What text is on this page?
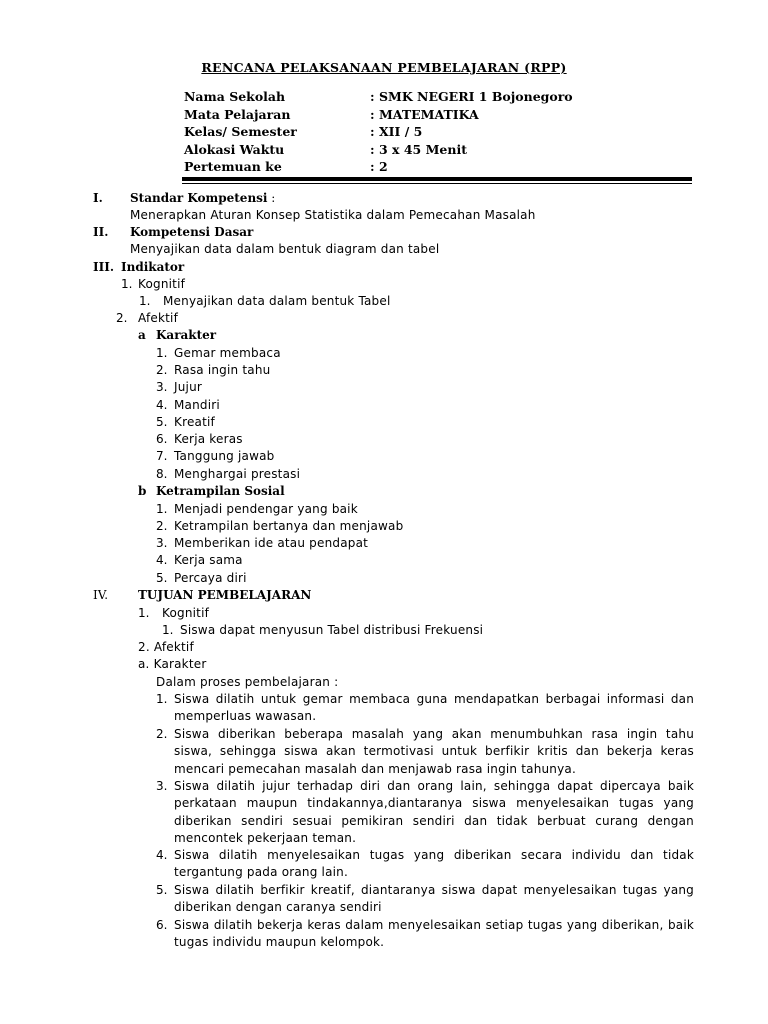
RENCANA PELAKSANAAN PEMBELAJARAN (RPP)
Nama Sekolah	: SMK NEGERI 1 Bojonegoro
Mata Pelajaran	: MATEMATIKA
Kelas/ Semester	: XII / 5
Alokasi Waktu	: 3 x 45 Menit
Pertemuan ke	: 2
I. Standar Kompetensi :
Menerapkan Aturan Konsep Statistika dalam Pemecahan Masalah
II. Kompetensi Dasar
Menyajikan data dalam bentuk diagram dan tabel
III. Indikator
1. Kognitif
1. Menyajikan data dalam bentuk Tabel
2. Afektif
a Karakter
1. Gemar membaca
2. Rasa ingin tahu
3. Jujur
4. Mandiri
5. Kreatif
6. Kerja keras
7. Tanggung jawab
8. Menghargai prestasi
b Ketrampilan Sosial
1. Menjadi pendengar yang baik
2. Ketrampilan bertanya dan menjawab
3. Memberikan ide atau pendapat
4. Kerja sama
5. Percaya diri
IV. TUJUAN PEMBELAJARAN
1. Kognitif
1. Siswa dapat menyusun Tabel distribusi Frekuensi
2. Afektif
a. Karakter
Dalam proses pembelajaran :
1. Siswa dilatih untuk gemar membaca guna mendapatkan berbagai informasi dan memperluas wawasan.
2. Siswa diberikan beberapa masalah yang akan menumbuhkan rasa ingin tahu siswa, sehingga siswa akan termotivasi untuk berfikir kritis dan bekerja keras mencari pemecahan masalah dan menjawab rasa ingin tahunya.
3. Siswa dilatih jujur terhadap diri dan orang lain, sehingga dapat dipercaya baik perkataan maupun tindakannya,diantaranya siswa menyelesaikan tugas yang diberikan sendiri sesuai pemikiran sendiri dan tidak berbuat curang dengan mencontek pekerjaan teman.
4. Siswa dilatih menyelesaikan tugas yang diberikan secara individu dan tidak tergantung pada orang lain.
5. Siswa dilatih berfikir kreatif, diantaranya siswa dapat menyelesaikan tugas yang diberikan dengan caranya sendiri
6. Siswa dilatih bekerja keras dalam menyelesaikan setiap tugas yang diberikan, baik tugas individu maupun kelompok.
